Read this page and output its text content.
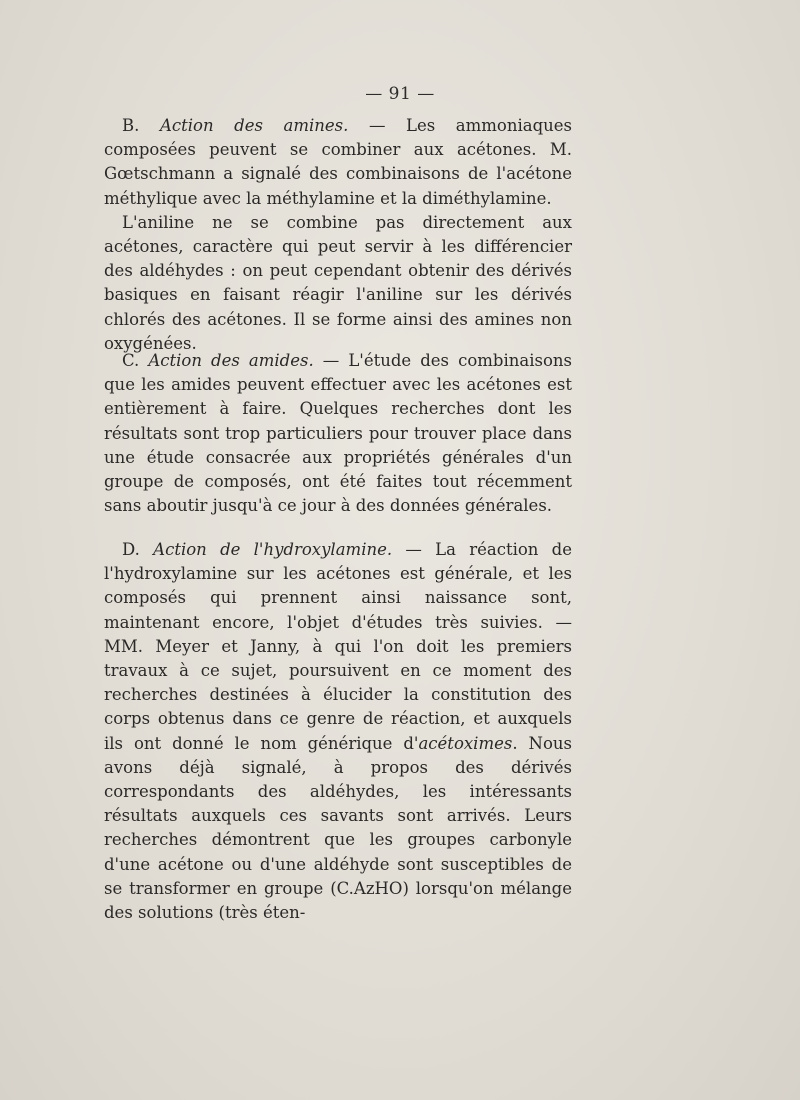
— 91 —

B. Action des amines. — Les ammoniaques composées peuvent se combiner aux acétones. M. Gœtschmann a signalé des combinaisons de l'acétone méthylique avec la méthylamine et la diméthylamine.

L'aniline ne se combine pas directement aux acétones, caractère qui peut servir à les différencier des aldéhydes : on peut cependant obtenir des dérivés basiques en faisant réagir l'aniline sur les dérivés chlorés des acétones. Il se forme ainsi des amines non oxygénées.

C. Action des amides. — L'étude des combinaisons que les amides peuvent effectuer avec les acétones est entièrement à faire. Quelques recherches dont les résultats sont trop particuliers pour trouver place dans une étude consacrée aux propriétés générales d'un groupe de composés, ont été faites tout récemment sans aboutir jusqu'à ce jour à des données générales.

D. Action de l'hydroxylamine. — La réaction de l'hydroxylamine sur les acétones est générale, et les composés qui prennent ainsi naissance sont, maintenant encore, l'objet d'études très suivies. — MM. Meyer et Janny, à qui l'on doit les premiers travaux à ce sujet, poursuivent en ce moment des recherches destinées à élucider la constitution des corps obtenus dans ce genre de réaction, et auxquels ils ont donné le nom générique d'acétoximes. Nous avons déjà signalé, à propos des dérivés correspondants des aldéhydes, les intéressants résultats auxquels ces savants sont arrivés. Leurs recherches démontrent que les groupes carbonyle d'une acétone ou d'une aldéhyde sont susceptibles de se transformer en groupe (C.AzHO) lorsqu'on mélange des solutions (très éten-
